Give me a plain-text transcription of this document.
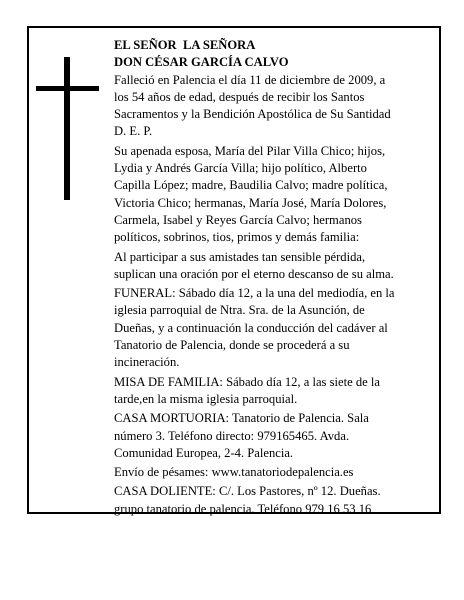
EL SEÑOR  LA SEÑORA
DON CÉSAR GARCÍA CALVO
Falleció en Palencia el día 11 de diciembre de 2009, a
los 54 años de edad, después de recibir los Santos
Sacramentos y la Bendición Apostólica de Su Santidad
D. E. P.
Su apenada esposa, María del Pilar Villa Chico; hijos,
Lydia y Andrés García Villa; hijo político, Alberto
Capilla López; madre, Baudilia Calvo; madre política,
Victoria Chico; hermanas, María José, María Dolores,
Carmela, Isabel y Reyes García Calvo; hermanos
políticos, sobrinos, tios, primos y demás familia:
Al participar a sus amistades tan sensible pérdida,
suplican una oración por el eterno descanso de su alma.
FUNERAL: Sábado día 12, a la una del mediodía, en la
iglesia parroquial de Ntra. Sra. de la Asunción, de
Dueñas, y a continuación la conducción del cadáver al
Tanatorio de Palencia, donde se procederá a su
incineración.
MISA DE FAMILIA: Sábado día 12, a las siete de la
tarde,en la misma iglesia parroquial.
CASA MORTUORIA: Tanatorio de Palencia. Sala
número 3. Teléfono directo: 979165465. Avda.
Comunidad Europea, 2-4. Palencia.
Envío de pésames: www.tanatoriodepalencia.es
CASA DOLIENTE: C/. Los Pastores, nº 12. Dueñas.
grupo tanatorio de palencia. Teléfono 979 16 53 16
